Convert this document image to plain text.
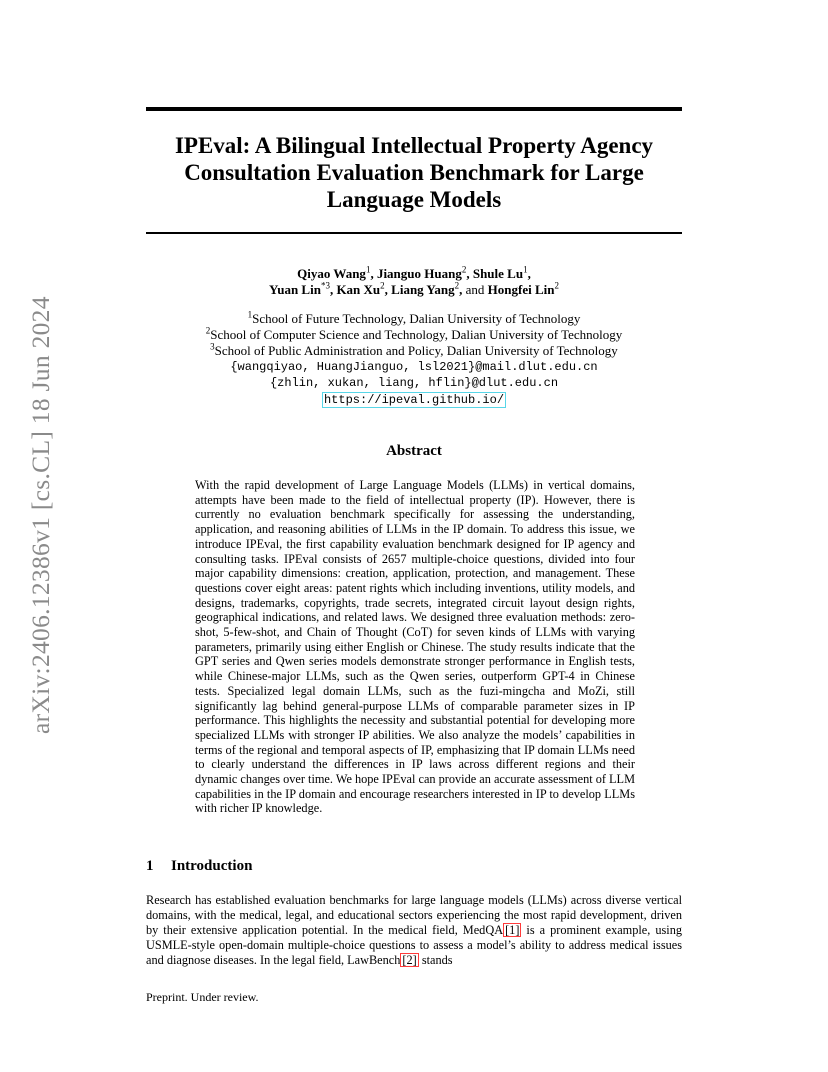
arXiv:2406.12386v1 [cs.CL] 18 Jun 2024
IPEval: A Bilingual Intellectual Property Agency Consultation Evaluation Benchmark for Large Language Models

Qiyao Wang$^1$, Jianguo Huang$^2$, Shule Lu$^1$,
Yuan Lin$^{*3}$, Kan Xu$^2$, Liang Yang$^2$, and Hongfei Lin$^2$

$^1$School of Future Technology, Dalian University of Technology
$^2$School of Computer Science and Technology, Dalian University of Technology
$^3$School of Public Administration and Policy, Dalian University of Technology
{wangqiyao, HuangJianguo, lsl2021}@mail.dlut.edu.cn
{zhlin, xukan, liang, hflin}@dlut.edu.cn
https://ipeval.github.io/
Abstract

With the rapid development of Large Language Models (LLMs) in vertical domains, attempts have been made to the field of intellectual property (IP). However, there is currently no evaluation benchmark specifically for assessing the understanding, application, and reasoning abilities of LLMs in the IP domain. To address this issue, we introduce IPEval, the first capability evaluation benchmark designed for IP agency and consulting tasks. IPEval consists of 2657 multiple-choice questions, divided into four major capability dimensions: creation, application, protection, and management. These questions cover eight areas: patent rights which including inventions, utility models, and designs, trademarks, copyrights, trade secrets, integrated circuit layout design rights, geographical indications, and related laws. We designed three evaluation methods: zero-shot, 5-few-shot, and Chain of Thought (CoT) for seven kinds of LLMs with varying parameters, primarily using either English or Chinese. The study results indicate that the GPT series and Qwen series models demonstrate stronger performance in English tests, while Chinese-major LLMs, such as the Qwen series, outperform GPT-4 in Chinese tests. Specialized legal domain LLMs, such as the fuzi-mingcha and MoZi, still significantly lag behind general-purpose LLMs of comparable parameter sizes in IP performance. This highlights the necessity and substantial potential for developing more specialized LLMs with stronger IP abilities. We also analyze the models’ capabilities in terms of the regional and temporal aspects of IP, emphasizing that IP domain LLMs need to clearly understand the differences in IP laws across different regions and their dynamic changes over time. We hope IPEval can provide an accurate assessment of LLM capabilities in the IP domain and encourage researchers interested in IP to develop LLMs with richer IP knowledge.

1 Introduction

Research has established evaluation benchmarks for large language models (LLMs) across diverse vertical domains, with the medical, legal, and educational sectors experiencing the most rapid development, driven by their extensive application potential. In the medical field, MedQA [1] is a prominent example, using USMLE-style open-domain multiple-choice questions to assess a model’s ability to address medical issues and diagnose diseases. In the legal field, LawBench [2] stands

Preprint. Under review.
